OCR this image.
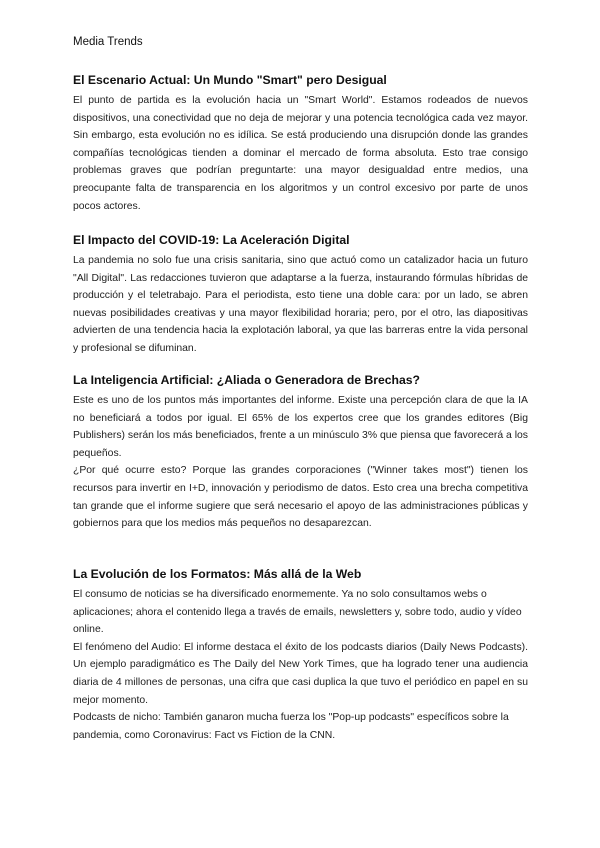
Media Trends
El Escenario Actual: Un Mundo "Smart" pero Desigual

El punto de partida es la evolución hacia un "Smart World". Estamos rodeados de nuevos dispositivos, una conectividad que no deja de mejorar y una potencia tecnológica cada vez mayor. Sin embargo, esta evolución no es idílica. Se está produciendo una disrupción donde las grandes compañías tecnológicas tienden a dominar el mercado de forma absoluta. Esto trae consigo problemas graves que podrían preguntarte: una mayor desigualdad entre medios, una preocupante falta de transparencia en los algoritmos y un control excesivo por parte de unos pocos actores.

El Impacto del COVID-19: La Aceleración Digital

La pandemia no solo fue una crisis sanitaria, sino que actuó como un catalizador hacia un futuro "All Digital". Las redacciones tuvieron que adaptarse a la fuerza, instaurando fórmulas híbridas de producción y el teletrabajo. Para el periodista, esto tiene una doble cara: por un lado, se abren nuevas posibilidades creativas y una mayor flexibilidad horaria; pero, por el otro, las diapositivas advierten de una tendencia hacia la explotación laboral, ya que las barreras entre la vida personal y profesional se difuminan.

La Inteligencia Artificial: ¿Aliada o Generadora de Brechas?

Este es uno de los puntos más importantes del informe. Existe una percepción clara de que la IA no beneficiará a todos por igual. El 65% de los expertos cree que los grandes editores (Big Publishers) serán los más beneficiados, frente a un minúsculo 3% que piensa que favorecerá a los pequeños.

¿Por qué ocurre esto? Porque las grandes corporaciones ("Winner takes most") tienen los recursos para invertir en I+D, innovación y periodismo de datos. Esto crea una brecha competitiva tan grande que el informe sugiere que será necesario el apoyo de las administraciones públicas y gobiernos para que los medios más pequeños no desaparezcan.

La Evolución de los Formatos: Más allá de la Web

El consumo de noticias se ha diversificado enormemente. Ya no solo consultamos webs o aplicaciones; ahora el contenido llega a través de emails, newsletters y, sobre todo, audio y vídeo online.

El fenómeno del Audio: El informe destaca el éxito de los podcasts diarios (Daily News Podcasts). Un ejemplo paradigmático es The Daily del New York Times, que ha logrado tener una audiencia diaria de 4 millones de personas, una cifra que casi duplica la que tuvo el periódico en papel en su mejor momento.

Podcasts de nicho: También ganaron mucha fuerza los "Pop-up podcasts" específicos sobre la pandemia, como Coronavirus: Fact vs Fiction de la CNN.
